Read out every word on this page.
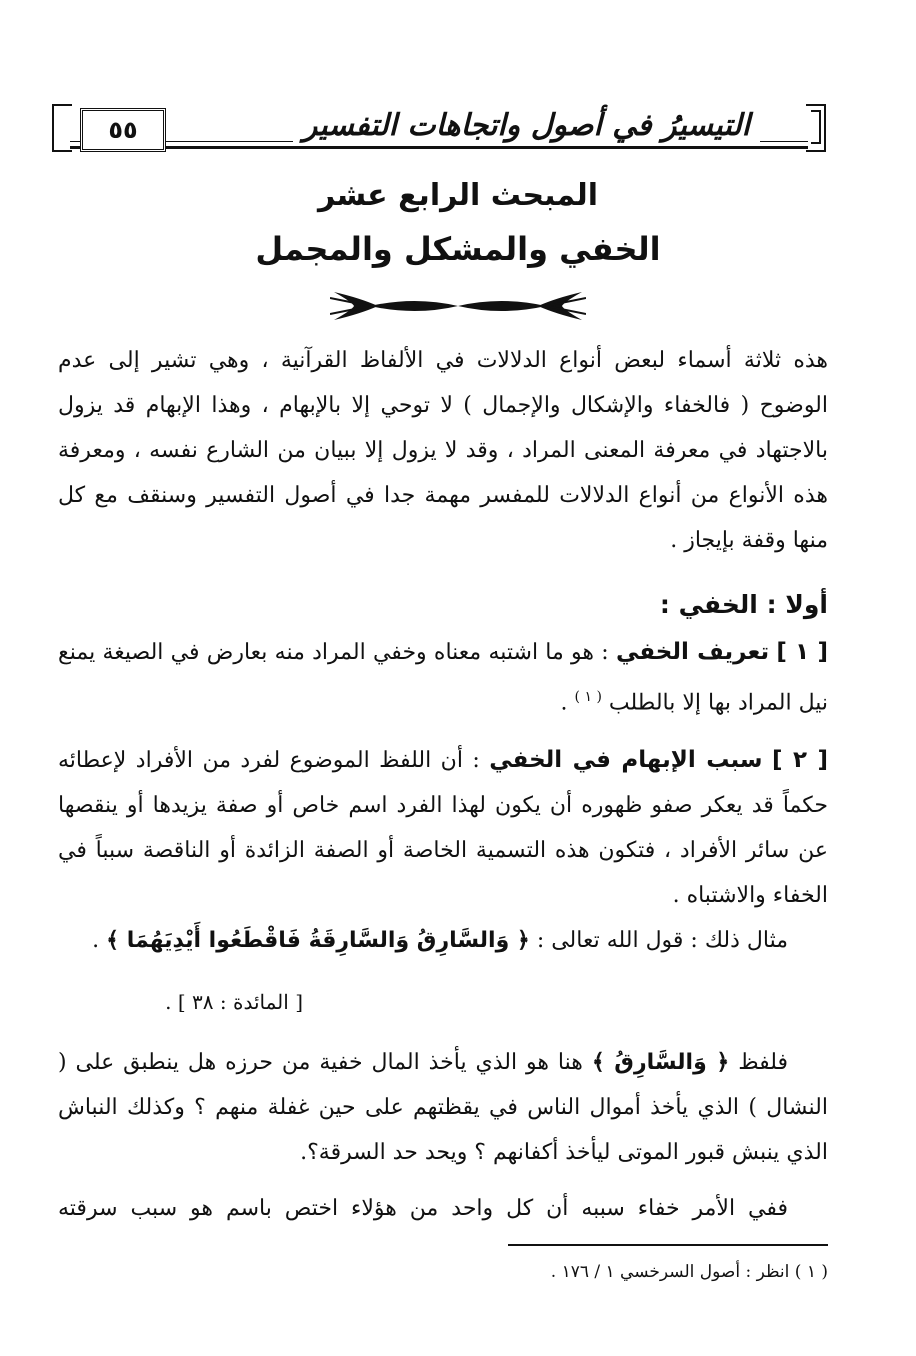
التيسيرُ في أصول واتجاهات التفسير
٥٥
المبحث الرابع عشر
الخفي والمشكل والمجمل
هذه ثلاثة أسماء لبعض أنواع الدلالات في الألفاظ القرآنية ، وهي تشير إلى عدم الوضوح ( فالخفاء والإشكال والإجمال ) لا توحي إلا بالإبهام ، وهذا الإبهام قد يزول بالاجتهاد في معرفة المعنى المراد ، وقد لا يزول إلا ببيان من الشارع نفسه ، ومعرفة هذه الأنواع من أنواع الدلالات للمفسر مهمة جدا في أصول التفسير وسنقف مع كل منها وقفة بإيجاز .
أولا : الخفي :
[ ١ ] تعريف الخفي : هو ما اشتبه معناه وخفي المراد منه بعارض في الصيغة يمنع نيل المراد بها إلا بالطلب $^{( ١ )}$ .
[ ٢ ] سبب الإبهام في الخفي : أن اللفظ الموضوع لفرد من الأفراد لإعطائه حكماً قد يعكر صفو ظهوره أن يكون لهذا الفرد اسم خاص أو صفة يزيدها أو ينقصها عن سائر الأفراد ، فتكون هذه التسمية الخاصة أو الصفة الزائدة أو الناقصة سبباً في الخفاء والاشتباه .
مثال ذلك : قول الله تعالى : ﴿ وَالسَّارِقُ وَالسَّارِقَةُ فَاقْطَعُوا أَيْدِيَهُمَا ﴾ .
[ المائدة : ٣٨ ] .
فلفظ ﴿ وَالسَّارِقُ ﴾ هنا هو الذي يأخذ المال خفية من حرزه هل ينطبق على ( النشال ) الذي يأخذ أموال الناس في يقظتهم على حين غفلة منهم ؟ وكذلك النباش الذي ينبش قبور الموتى ليأخذ أكفانهم ؟ ويحد حد السرقة؟.
ففي الأمر خفاء سببه أن كل واحد من هؤلاء اختص باسم هو سبب سرقته
( ١ ) انظر : أصول السرخسي ١ / ١٧٦ .
